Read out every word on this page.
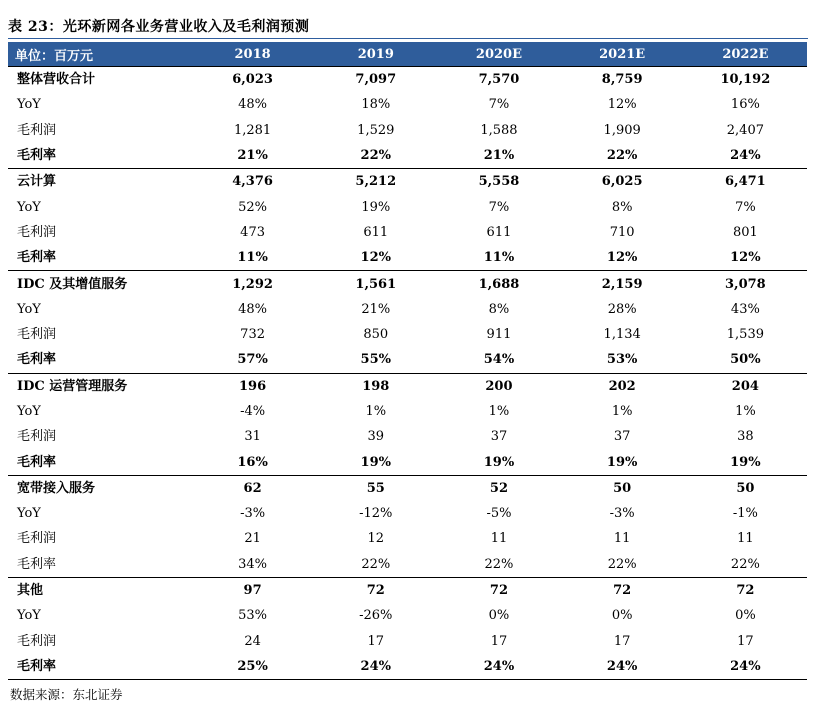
表 23：光环新网各业务营业收入及毛利润预测
单位：百万元	2018	2019	2020E	2021E	2022E
整体营收合计	6,023	7,097	7,570	8,759	10,192
YoY	48%	18%	7%	12%	16%
毛利润	1,281	1,529	1,588	1,909	2,407
毛利率	21%	22%	21%	22%	24%
云计算	4,376	5,212	5,558	6,025	6,471
YoY	52%	19%	7%	8%	7%
毛利润	473	611	611	710	801
毛利率	11%	12%	11%	12%	12%
IDC 及其增值服务	1,292	1,561	1,688	2,159	3,078
YoY	48%	21%	8%	28%	43%
毛利润	732	850	911	1,134	1,539
毛利率	57%	55%	54%	53%	50%
IDC 运营管理服务	196	198	200	202	204
YoY	-4%	1%	1%	1%	1%
毛利润	31	39	37	37	38
毛利率	16%	19%	19%	19%	19%
宽带接入服务	62	55	52	50	50
YoY	-3%	-12%	-5%	-3%	-1%
毛利润	21	12	11	11	11
毛利率	34%	22%	22%	22%	22%
其他	97	72	72	72	72
YoY	53%	-26%	0%	0%	0%
毛利润	24	17	17	17	17
毛利率	25%	24%	24%	24%	24%
数据来源：东北证券
